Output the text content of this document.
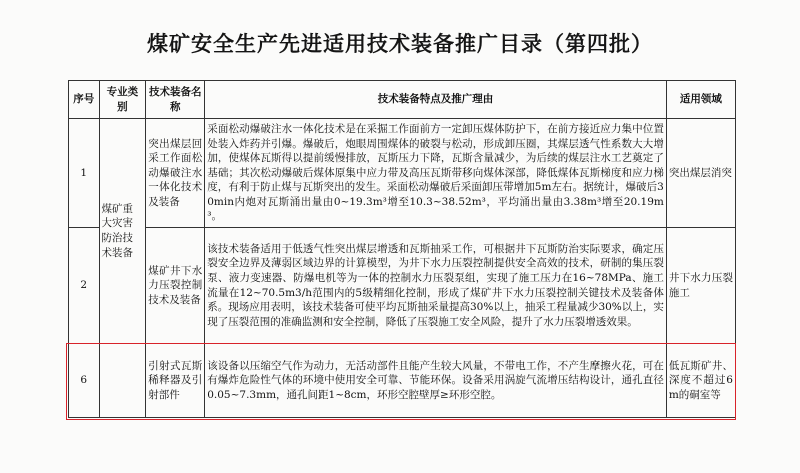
煤矿安全生产先进适用技术装备推广目录（第四批）
序号	专业类别	技术装备名称	技术装备特点及推广理由	适用领域
1	煤矿重大灾害防治技术装备	突出煤层回采工作面松动爆破注水一体化技术及装备	采面松动爆破注水一体化技术是在采掘工作面前方一定卸压煤体防护下，在前方接近应力集中位置处装入炸药并引爆。爆破后，炮眼周围煤体的破裂与松动，形成卸压圈，其煤层透气性系数大大增加，使煤体瓦斯得以提前缓慢排放，瓦斯压力下降，瓦斯含量减少，为后续的煤层注水工艺奠定了基础；其次松动爆破后煤体原集中应力带及高压瓦斯带移向煤体深部，降低煤体瓦斯梯度和应力梯度，有利于防止煤与瓦斯突出的发生。采面松动爆破后采面卸压带增加5m左右。据统计，爆破后30min内炮对瓦斯涌出量由0~19.3m³增至10.3~38.52m³，平均涌出量由3.38m³增至20.19m³。	突出煤层消突
2		煤矿井下水力压裂控制技术及装备	该技术装备适用于低透气性突出煤层增透和瓦斯抽采工作，可根据井下瓦斯防治实际要求，确定压裂安全边界及薄弱区域边界的计算模型，为井下水力压裂控制提供安全高效的技术，研制的集压裂泵、液力变速器、防爆电机等为一体的控制水力压裂泵组，实现了施工压力在16~78MPa、施工流量在12~70.5m3/h范围内的5级精细化控制，形成了煤矿井下水力压裂控制关键技术及装备体系。现场应用表明，该技术装备可使平均瓦斯抽采量提高30%以上，抽采工程量减少30%以上，实现了压裂范围的准确监测和安全控制，降低了压裂施工安全风险，提升了水力压裂增透效果。	井下水力压裂施工
6		引射式瓦斯稀释器及引射部件	该设备以压缩空气作为动力，无活动部件且能产生较大风量，不带电工作，不产生摩擦火花，可在有爆炸危险性气体的环境中使用安全可靠、节能环保。设备采用涡旋气流增压结构设计，通孔直径0.05~7.3mm，通孔间距1~8cm，环形空腔壁厚≥环形空腔。	低瓦斯矿井、深度不超过6m的硐室等
